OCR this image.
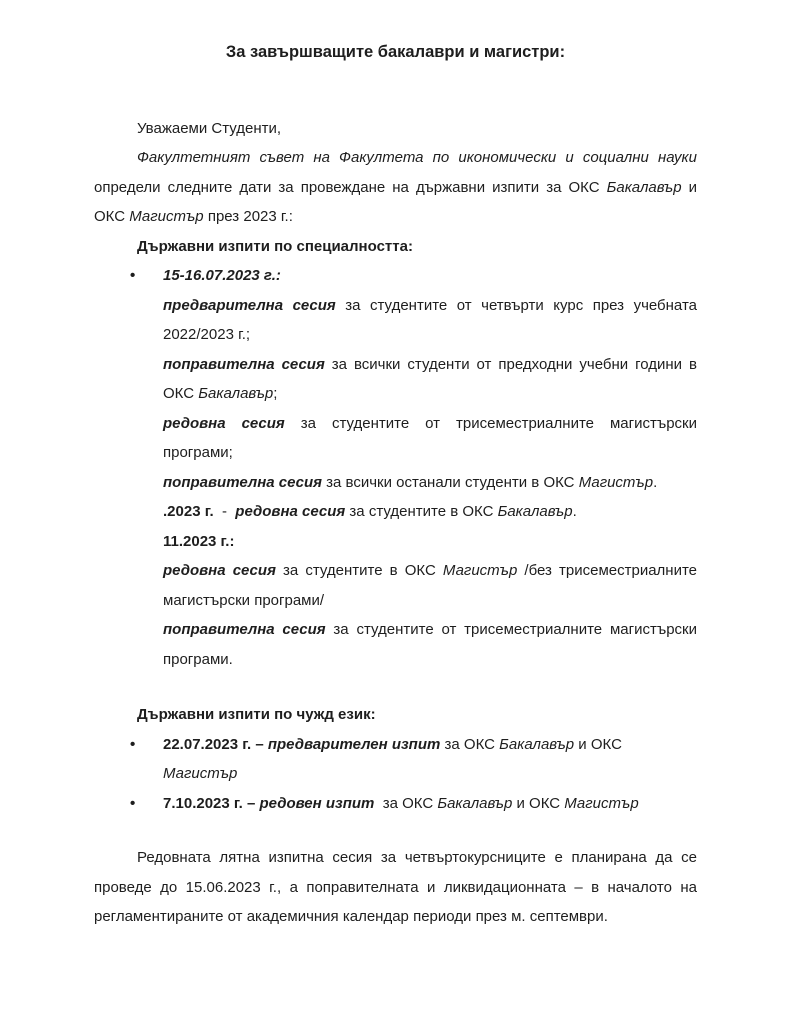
За завършващите бакалаври и магистри:

Уважаеми Студенти,

Факултетният съвет на Факултета по икономически и социални науки определи следните дати за провеждане на държавни изпити за ОКС Бакалавър и ОКС Магистър през 2023 г.:

Държавни изпити по специалността:

•	15-16.07.2023 г.:

предварителна сесия за студентите от четвърти курс през учебната 2022/2023 г.;

поправителна сесия за всички студенти от предходни учебни години в ОКС Бакалавър;

редовна сесия за студентите от трисеместриалните магистърски програми;

поправителна сесия за всички останали студенти в ОКС Магистър.

.2023 г.  -  редовна сесия за студентите в ОКС Бакалавър.

11.2023 г.:

редовна сесия за студентите в ОКС Магистър /без трисеместриалните магистърски програми/

поправителна сесия за студентите от трисеместриалните магистърски програми.

Държавни изпити по чужд език:

•	22.07.2023 г. – предварителен изпит за ОКС Бакалавър и ОКС Магистър
•	7.10.2023 г. – редовен изпит  за ОКС Бакалавър и ОКС Магистър

Редовната лятна изпитна сесия за четвъртокурсниците е планирана да се проведе до 15.06.2023 г., а поправителната и ликвидационната – в началото на регламентираните от академичния календар периоди през м. септември.
